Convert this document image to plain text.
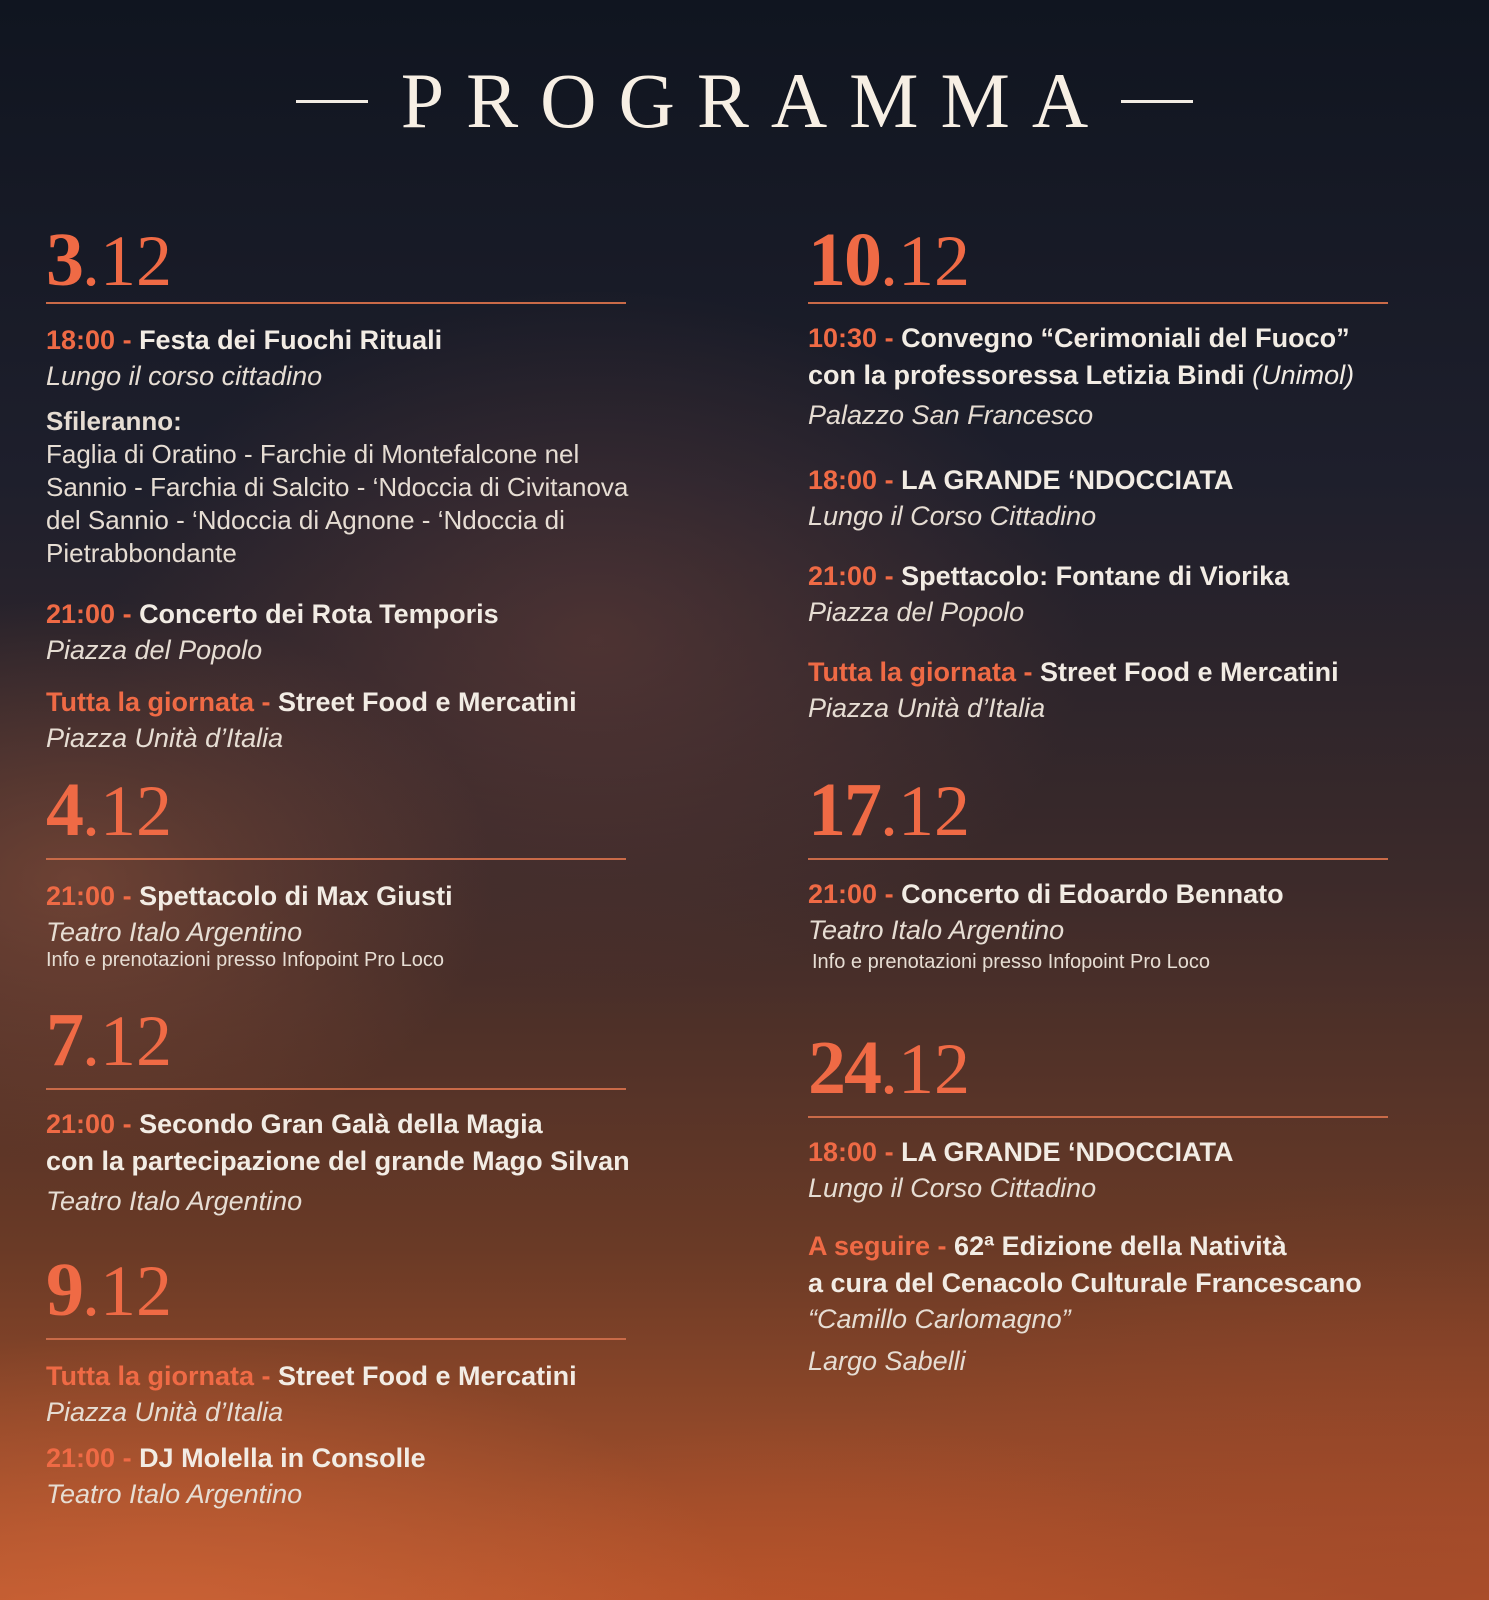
PROGRAMMA
3.12
18:00 - Festa dei Fuochi Rituali
Lungo il corso cittadino
Sfileranno:
Faglia di Oratino - Farchie di Montefalcone nel
Sannio - Farchia di Salcito - ‘Ndoccia di Civitanova
del Sannio - ‘Ndoccia di Agnone - ‘Ndoccia di
Pietrabbondante
21:00 - Concerto dei Rota Temporis
Piazza del Popolo
Tutta la giornata - Street Food e Mercatini
Piazza Unità d’Italia
4.12
21:00 - Spettacolo di Max Giusti
Teatro Italo Argentino
Info e prenotazioni presso Infopoint Pro Loco
7.12
21:00 - Secondo Gran Galà della Magia
con la partecipazione del grande Mago Silvan
Teatro Italo Argentino
9.12
Tutta la giornata - Street Food e Mercatini
Piazza Unità d’Italia
21:00 - DJ Molella in Consolle
Teatro Italo Argentino
10.12
10:30 - Convegno “Cerimoniali del Fuoco”
con la professoressa Letizia Bindi (Unimol)
Palazzo San Francesco
18:00 - LA GRANDE ‘NDOCCIATA
Lungo il Corso Cittadino
21:00 - Spettacolo: Fontane di Viorika
Piazza del Popolo
Tutta la giornata - Street Food e Mercatini
Piazza Unità d’Italia
17.12
21:00 - Concerto di Edoardo Bennato
Teatro Italo Argentino
Info e prenotazioni presso Infopoint Pro Loco
24.12
18:00 - LA GRANDE ‘NDOCCIATA
Lungo il Corso Cittadino
A seguire - 62ª Edizione della Natività
a cura del Cenacolo Culturale Francescano
“Camillo Carlomagno”
Largo Sabelli
